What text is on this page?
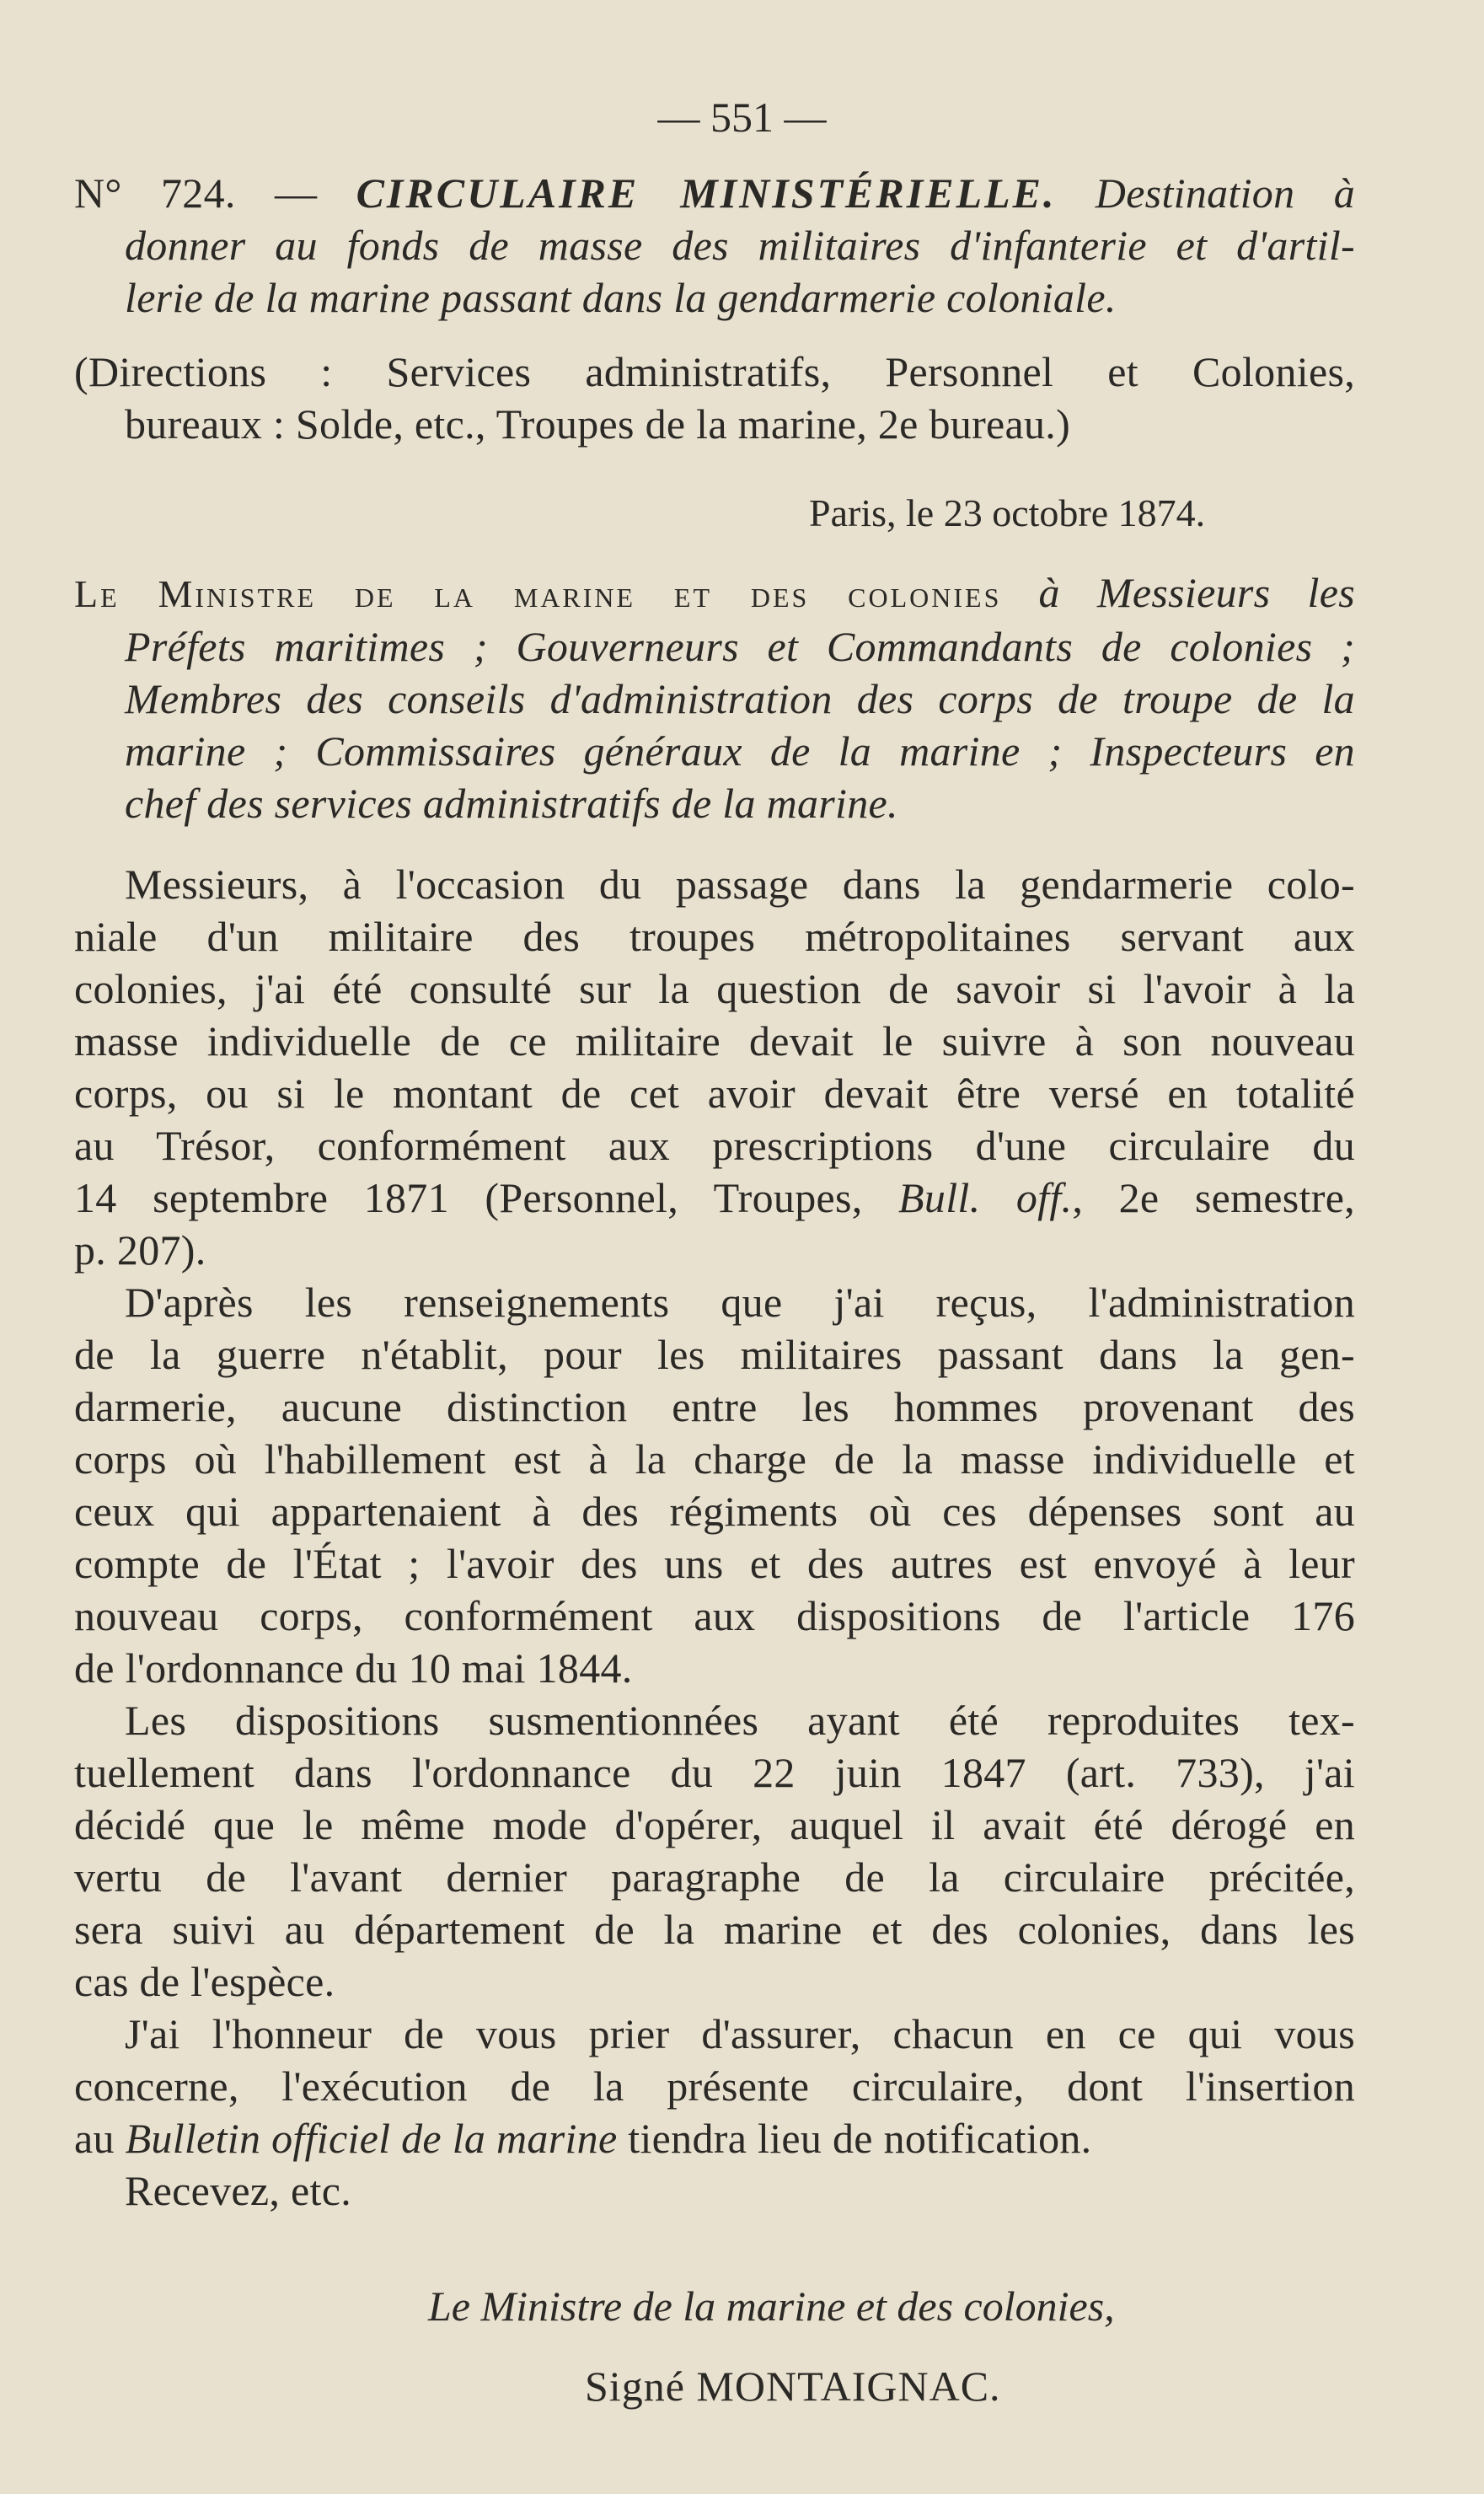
— 551 —
N° 724. — CIRCULAIRE MINISTÉRIELLE. Destination à
donner au fonds de masse des militaires d'infanterie et d'artil-
lerie de la marine passant dans la gendarmerie coloniale.
(Directions : Services administratifs, Personnel et Colonies,
bureaux : Solde, etc., Troupes de la marine, 2e bureau.)
Paris, le 23 octobre 1874.
Le Ministre de la marine et des colonies à Messieurs les
Préfets maritimes ; Gouverneurs et Commandants de colonies ;
Membres des conseils d'administration des corps de troupe de la
marine ; Commissaires généraux de la marine ; Inspecteurs en
chef des services administratifs de la marine.
Messieurs, à l'occasion du passage dans la gendarmerie colo-
niale d'un militaire des troupes métropolitaines servant aux
colonies, j'ai été consulté sur la question de savoir si l'avoir à la
masse individuelle de ce militaire devait le suivre à son nouveau
corps, ou si le montant de cet avoir devait être versé en totalité
au Trésor, conformément aux prescriptions d'une circulaire du
14 septembre 1871 (Personnel, Troupes, Bull. off., 2e semestre,
p. 207).
D'après les renseignements que j'ai reçus, l'administration
de la guerre n'établit, pour les militaires passant dans la gen-
darmerie, aucune distinction entre les hommes provenant des
corps où l'habillement est à la charge de la masse individuelle et
ceux qui appartenaient à des régiments où ces dépenses sont au
compte de l'État ; l'avoir des uns et des autres est envoyé à leur
nouveau corps, conformément aux dispositions de l'article 176
de l'ordonnance du 10 mai 1844.
Les dispositions susmentionnées ayant été reproduites tex-
tuellement dans l'ordonnance du 22 juin 1847 (art. 733), j'ai
décidé que le même mode d'opérer, auquel il avait été dérogé en
vertu de l'avant dernier paragraphe de la circulaire précitée,
sera suivi au département de la marine et des colonies, dans les
cas de l'espèce.
J'ai l'honneur de vous prier d'assurer, chacun en ce qui vous
concerne, l'exécution de la présente circulaire, dont l'insertion
au Bulletin officiel de la marine tiendra lieu de notification.
Recevez, etc.
Le Ministre de la marine et des colonies,
Signé MONTAIGNAC.
